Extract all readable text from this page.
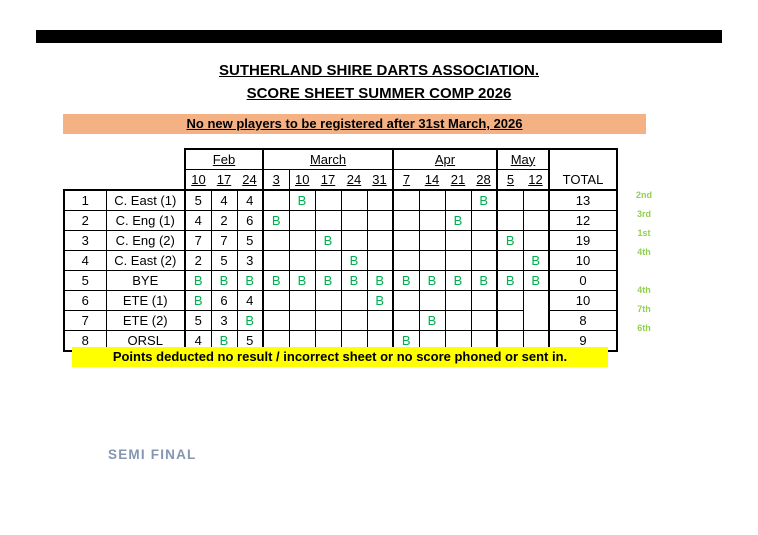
SUTHERLAND SHIRE DARTS ASSOCIATION.
SCORE SHEET SUMMER COMP 2026
No new players to be registered after 31st March, 2026
		Feb			March					Apr				May		TOTAL
		10	17	24	3	10	17	24	31	7	14	21	28	5	12	
1	C. East (1)	5	4	4		B							B			13
2	C. Eng (1)	4	2	6	B							B				12
3	C. Eng (2)	7	7	5			B							B		19
4	C. East (2)	2	5	3				B							B	10
5	BYE	B	B	B	B	B	B	B	B	B	B	B	B	B	B	0
6	ETE (1)	B	6	4					B							10
7	ETE (2)	5	3	B							B					8
8	ORSL	4	B	5						B						9
2nd
3rd
1st
4th
4th
7th
6th
Points deducted no result / incorrect sheet or no score phoned or sent in.
SEMI FINAL
